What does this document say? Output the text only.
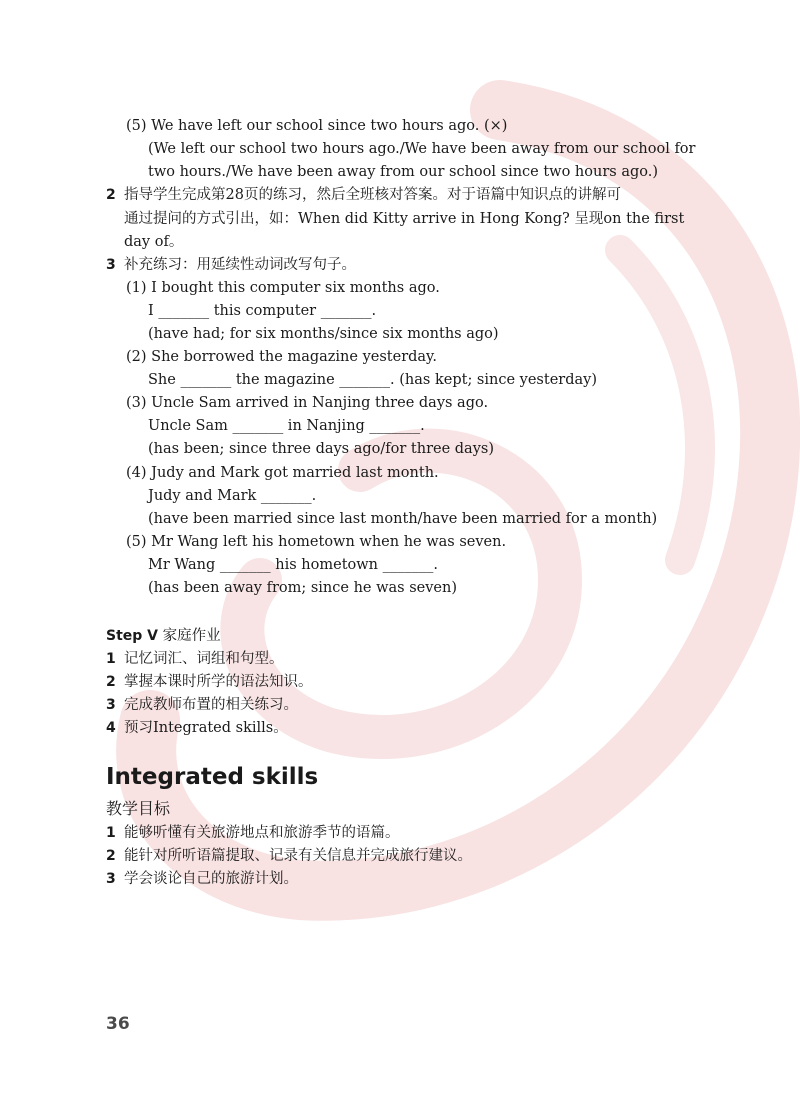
(5) We have left our school since two hours ago. (×)
(We left our school two hours ago./We have been away from our school for
two hours./We have been away from our school since two hours ago.)
2 指导学生完成第28页的练习，然后全班核对答案。对于语篇中知识点的讲解可
通过提问的方式引出，如：When did Kitty arrive in Hong Kong? 呈现on the first
day of。
3 补充练习：用延续性动词改写句子。
(1) I bought this computer six months ago.
I _______ this computer _______.
(have had; for six months/since six months ago)
(2) She borrowed the magazine yesterday.
She _______ the magazine _______. (has kept; since yesterday)
(3) Uncle Sam arrived in Nanjing three days ago.
Uncle Sam _______ in Nanjing _______.
(has been; since three days ago/for three days)
(4) Judy and Mark got married last month.
Judy and Mark _______.
(have been married since last month/have been married for a month)
(5) Mr Wang left his hometown when he was seven.
Mr Wang _______ his hometown _______.
(has been away from; since he was seven)
Step V 家庭作业
1 记忆词汇、词组和句型。
2 掌握本课时所学的语法知识。
3 完成教师布置的相关练习。
4 预习Integrated skills。
Integrated skills
教学目标
1 能够听懂有关旅游地点和旅游季节的语篇。
2 能针对所听语篇提取、记录有关信息并完成旅行建议。
3 学会谈论自己的旅游计划。
36
